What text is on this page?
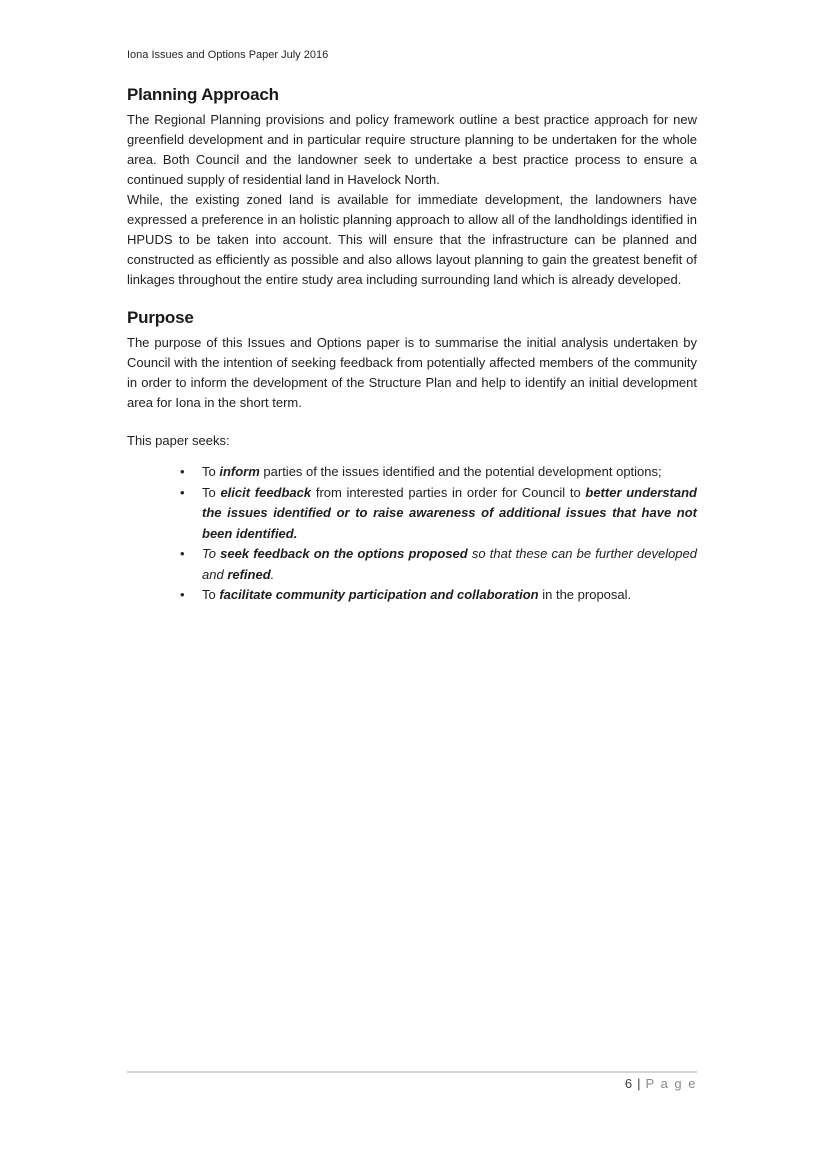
Iona Issues and Options Paper July 2016
Planning Approach

The Regional Planning provisions and policy framework outline a best practice approach for new greenfield development and in particular require structure planning to be undertaken for the whole area. Both Council and the landowner seek to undertake a best practice process to ensure a continued supply of residential land in Havelock North.

While, the existing zoned land is available for immediate development, the landowners have expressed a preference in an holistic planning approach to allow all of the landholdings identified in HPUDS to be taken into account. This will ensure that the infrastructure can be planned and constructed as efficiently as possible and also allows layout planning to gain the greatest benefit of linkages throughout the entire study area including surrounding land which is already developed.

Purpose

The purpose of this Issues and Options paper is to summarise the initial analysis undertaken by Council with the intention of seeking feedback from potentially affected members of the community in order to inform the development of the Structure Plan and help to identify an initial development area for Iona in the short term.

This paper seeks:

• To inform parties of the issues identified and the potential development options;
• To elicit feedback from interested parties in order for Council to better understand the issues identified or to raise awareness of additional issues that have not been identified.
• To seek feedback on the options proposed so that these can be further developed and refined.
• To facilitate community participation and collaboration in the proposal.
6 | P a g e
